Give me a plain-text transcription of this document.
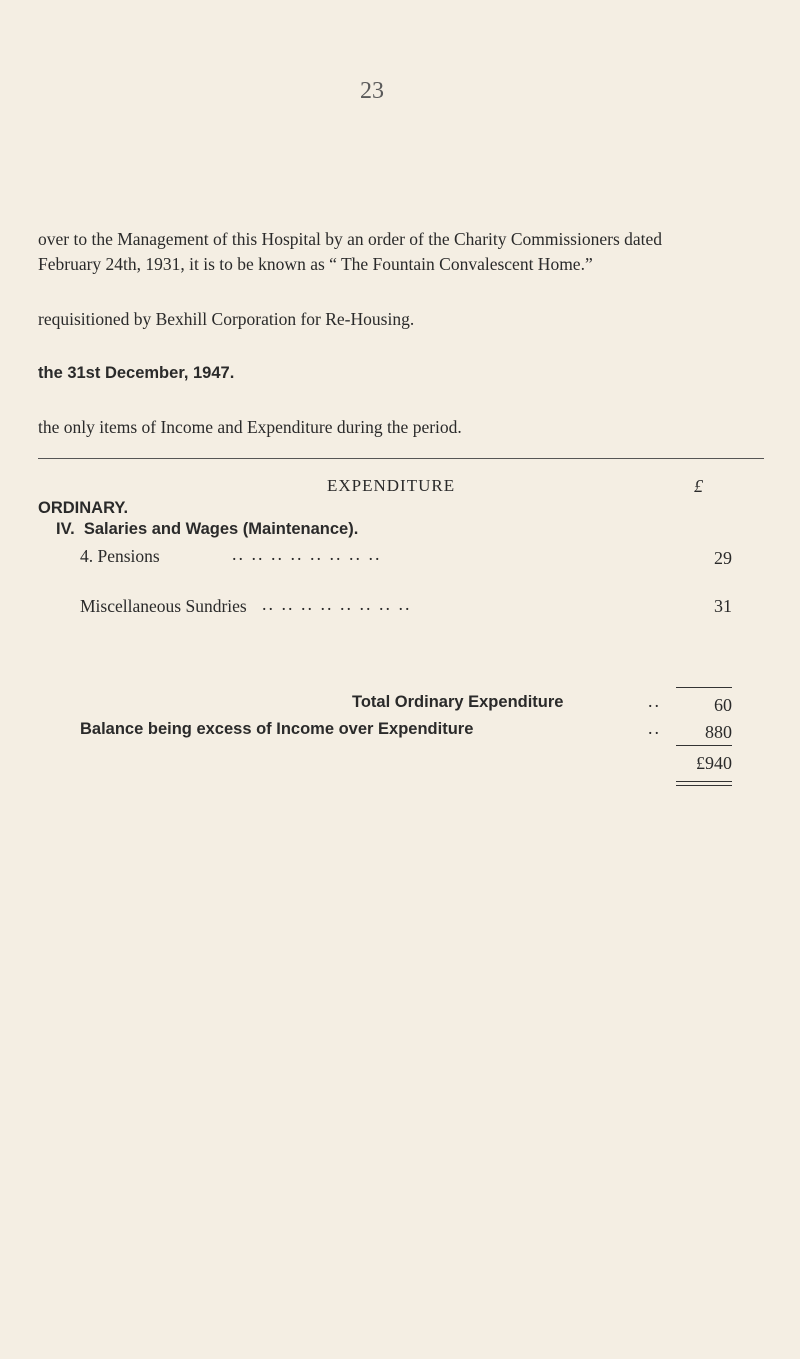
23
over to the Management of this Hospital by an order of the Charity Commissioners dated
February 24th, 1931, it is to be known as “ The Fountain Convalescent Home.”
requisitioned by Bexhill Corporation for Re-Housing.
the 31st December, 1947.
the only items of Income and Expenditure during the period.
EXPENDITURE	£
ORDINARY.
IV.  Salaries and Wages (Maintenance).
4. Pensions	.. .. .. .. .. .. .. ..	29
Miscellaneous Sundries .. .. .. .. .. .. .. ..	31
Total Ordinary Expenditure	..	60
Balance being excess of Income over Expenditure	..	880
£940
